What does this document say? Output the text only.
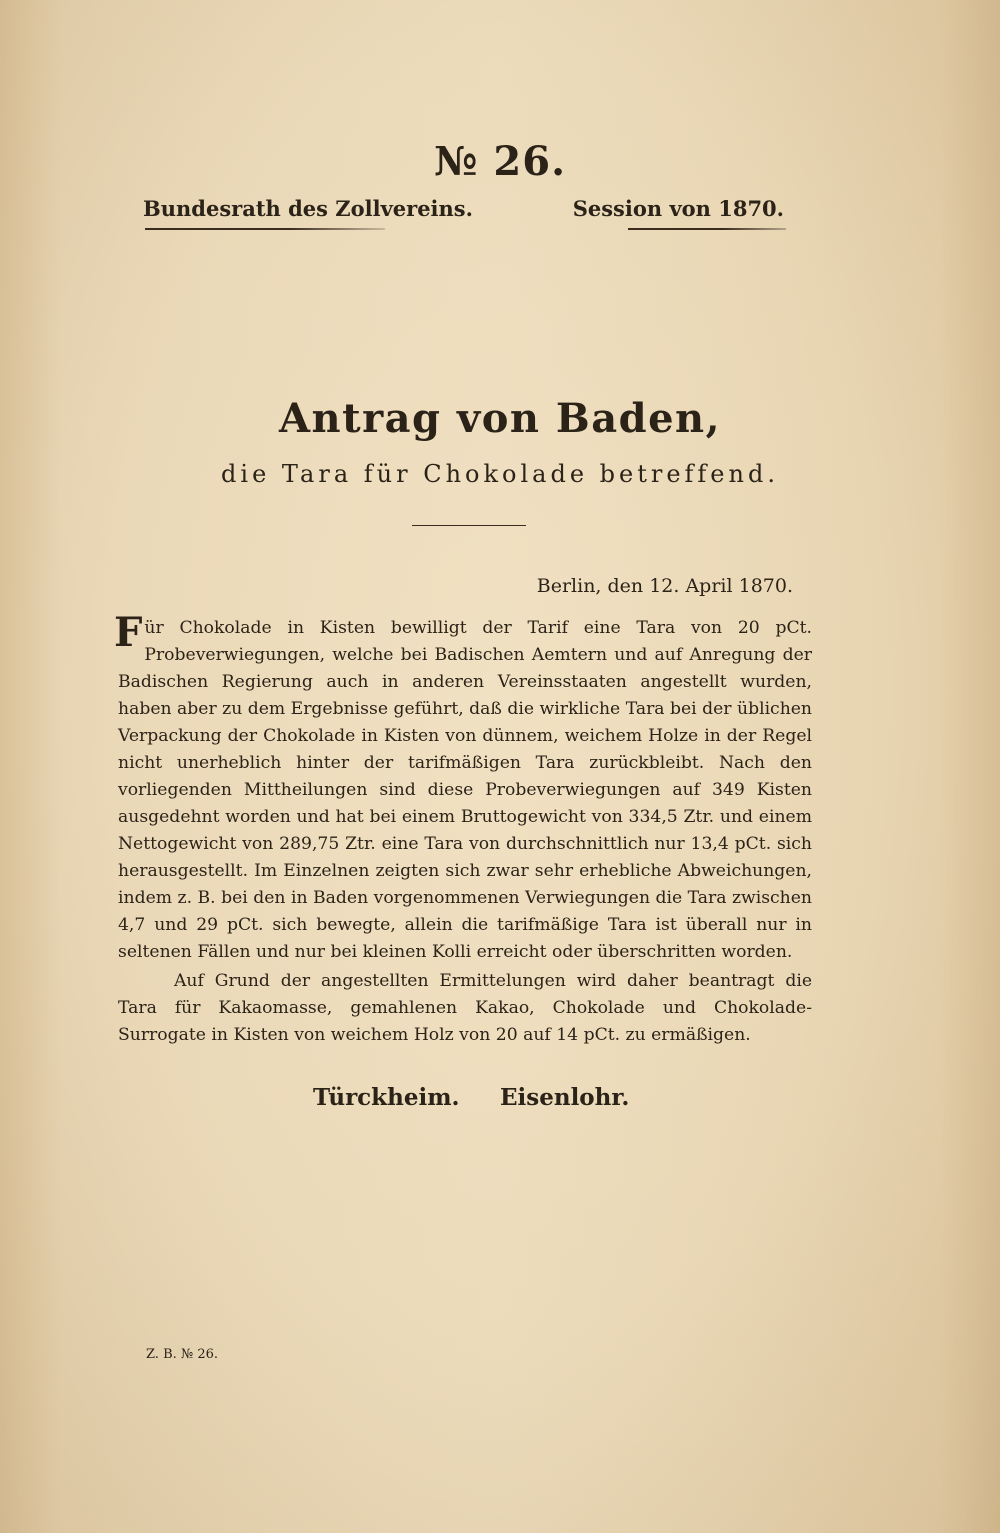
№ 26.
Bundesrath des Zollvereins.	Session von 1870.
Antrag von Baden,
die Tara für Chokolade betreffend.
Berlin, den 12. April 1870.

Für Chokolade in Kisten bewilligt der Tarif eine Tara von 20 pCt. Probeverwiegungen, welche bei Badischen Aemtern und auf Anregung der Badischen Regierung auch in anderen Vereinsstaaten angestellt wurden, haben aber zu dem Ergebnisse geführt, daß die wirkliche Tara bei der üblichen Verpackung der Chokolade in Kisten von dünnem, weichem Holze in der Regel nicht unerheblich hinter der tarifmäßigen Tara zurückbleibt. Nach den vorliegenden Mittheilungen sind diese Probeverwiegungen auf 349 Kisten ausgedehnt worden und hat bei einem Bruttogewicht von 334,5 Ztr. und einem Nettogewicht von 289,75 Ztr. eine Tara von durchschnittlich nur 13,4 pCt. sich herausgestellt. Im Einzelnen zeigten sich zwar sehr erhebliche Abweichungen, indem z. B. bei den in Baden vorgenommenen Verwiegungen die Tara zwischen 4,7 und 29 pCt. sich bewegte, allein die tarifmäßige Tara ist überall nur in seltenen Fällen und nur bei kleinen Kolli erreicht oder überschritten worden.

Auf Grund der angestellten Ermittelungen wird daher beantragt die Tara für Kakaomasse, gemahlenen Kakao, Chokolade und Chokolade-Surrogate in Kisten von weichem Holz von 20 auf 14 pCt. zu ermäßigen.

Türckheim. Eisenlohr.
Z. B. № 26.
